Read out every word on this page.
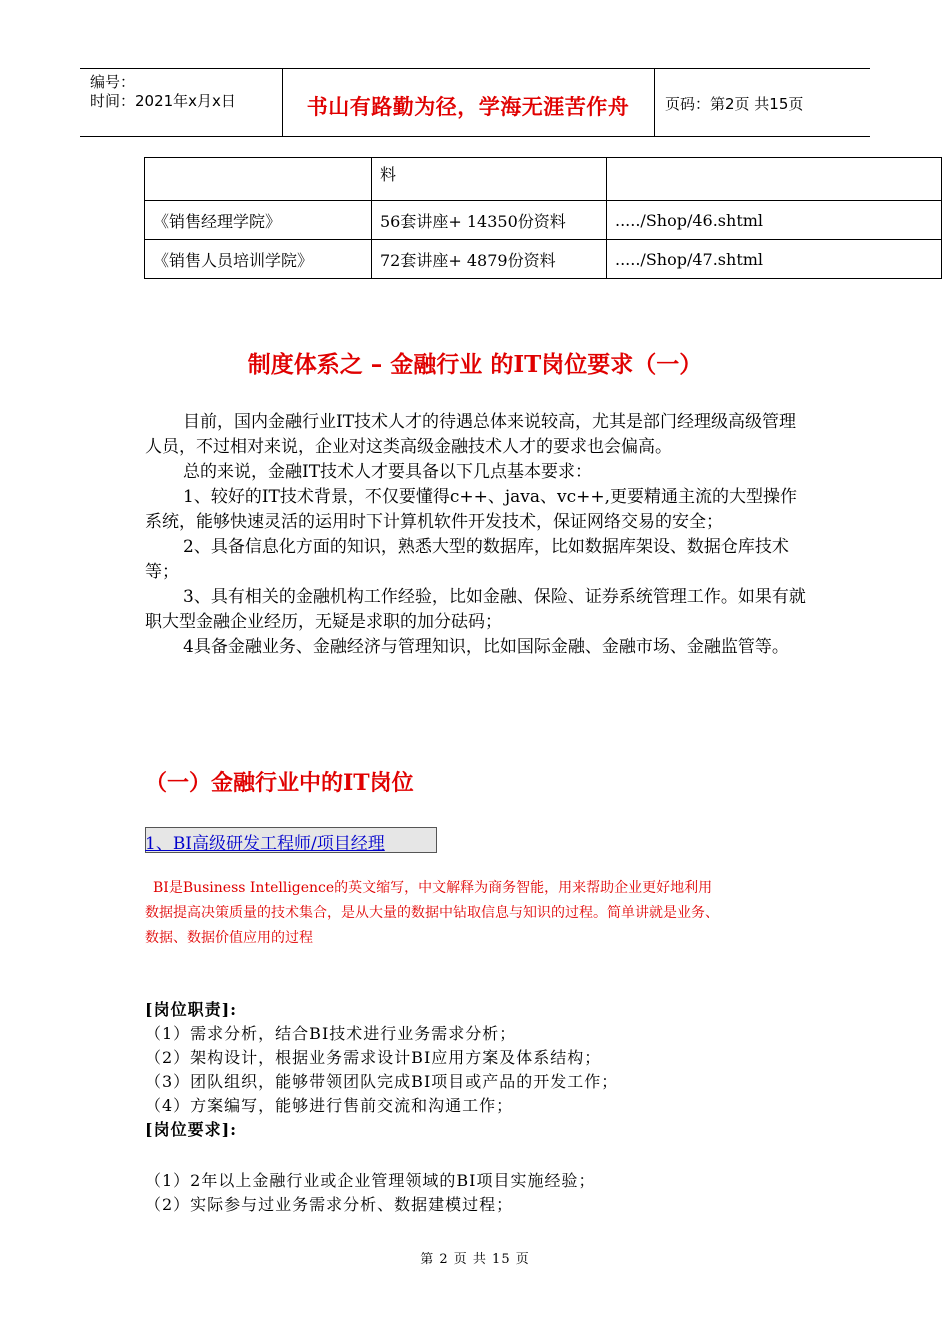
编号：
时间：2021年x月x日	书山有路勤为径，学海无涯苦作舟	页码：第2页 共15页
	料	
《销售经理学院》	56套讲座+ 14350份资料	...../Shop/46.shtml
《销售人员培训学院》	72套讲座+ 4879份资料	...../Shop/47.shtml
制度体系之 – 金融行业 的IT岗位要求（一）

目前，国内金融行业IT技术人才的待遇总体来说较高，尤其是部门经理级高级管理人员，不过相对来说，企业对这类高级金融技术人才的要求也会偏高。

总的来说，金融IT技术人才要具备以下几点基本要求：

1、较好的IT技术背景，不仅要懂得c++、java、vc++,更要精通主流的大型操作系统，能够快速灵活的运用时下计算机软件开发技术，保证网络交易的安全；

2、具备信息化方面的知识，熟悉大型的数据库，比如数据库架设、数据仓库技术等；

3、具有相关的金融机构工作经验，比如金融、保险、证券系统管理工作。如果有就职大型金融企业经历，无疑是求职的加分砝码；

4具备金融业务、金融经济与管理知识，比如国际金融、金融市场、金融监管等。

（一）金融行业中的IT岗位
1、BI高级研发工程师/项目经理
BI是Business Intelligence的英文缩写，中文解释为商务智能，用来帮助企业更好地利用
数据提高决策质量的技术集合，是从大量的数据中钻取信息与知识的过程。简单讲就是业务、
数据、数据价值应用的过程
[岗位职责]:
（1）需求分析，结合BI技术进行业务需求分析；
（2）架构设计，根据业务需求设计BI应用方案及体系结构；
（3）团队组织，能够带领团队完成BI项目或产品的开发工作；
（4）方案编写，能够进行售前交流和沟通工作；
[岗位要求]:
（1）2年以上金融行业或企业管理领域的BI项目实施经验；
（2）实际参与过业务需求分析、数据建模过程；
第 2 页 共 15 页
